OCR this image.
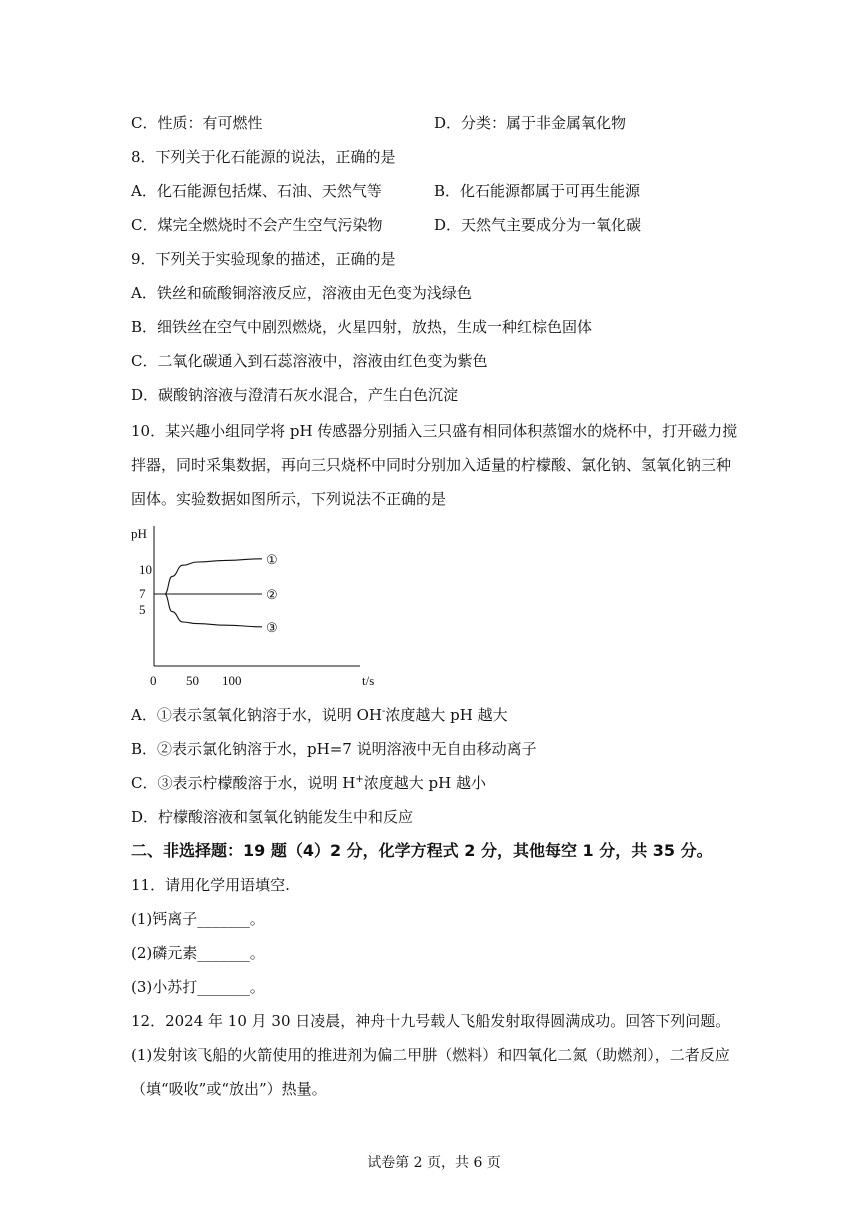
C．性质：有可燃性	D．分类：属于非金属氧化物
8．下列关于化石能源的说法，正确的是
A．化石能源包括煤、石油、天然气等	B．化石能源都属于可再生能源
C．煤完全燃烧时不会产生空气污染物	D．天然气主要成分为一氧化碳
9．下列关于实验现象的描述，正确的是
A．铁丝和硫酸铜溶液反应，溶液由无色变为浅绿色
B．细铁丝在空气中剧烈燃烧，火星四射，放热，生成一种红棕色固体
C．二氧化碳通入到石蕊溶液中，溶液由红色变为紫色
D．碳酸钠溶液与澄清石灰水混合，产生白色沉淀
10．某兴趣小组同学将 pH 传感器分别插入三只盛有相同体积蒸馏水的烧杯中，打开磁力搅
拌器，同时采集数据，再向三只烧杯中同时分别加入适量的柠檬酸、氯化钠、氢氧化钠三种
固体。实验数据如图所示，下列说法不正确的是
pH
10
7
5
0 50 100	t/s
①
②
③
A．①表示氢氧化钠溶于水，说明 OH-浓度越大 pH 越大
B．②表示氯化钠溶于水，pH=7 说明溶液中无自由移动离子
C．③表示柠檬酸溶于水，说明 H+浓度越大 pH 越小
D．柠檬酸溶液和氢氧化钠能发生中和反应
二、非选择题：19 题（4）2 分，化学方程式 2 分，其他每空 1 分，共 35 分。
11．请用化学用语填空.
(1)钙离子_______。
(2)磷元素_______。
(3)小苏打_______。
12．2024 年 10 月 30 日凌晨，神舟十九号载人飞船发射取得圆满成功。回答下列问题。
(1)发射该飞船的火箭使用的推进剂为偏二甲肼（燃料）和四氧化二氮（助燃剂），二者反应
（填“吸收”或“放出”）热量。
试卷第 2 页，共 6 页
